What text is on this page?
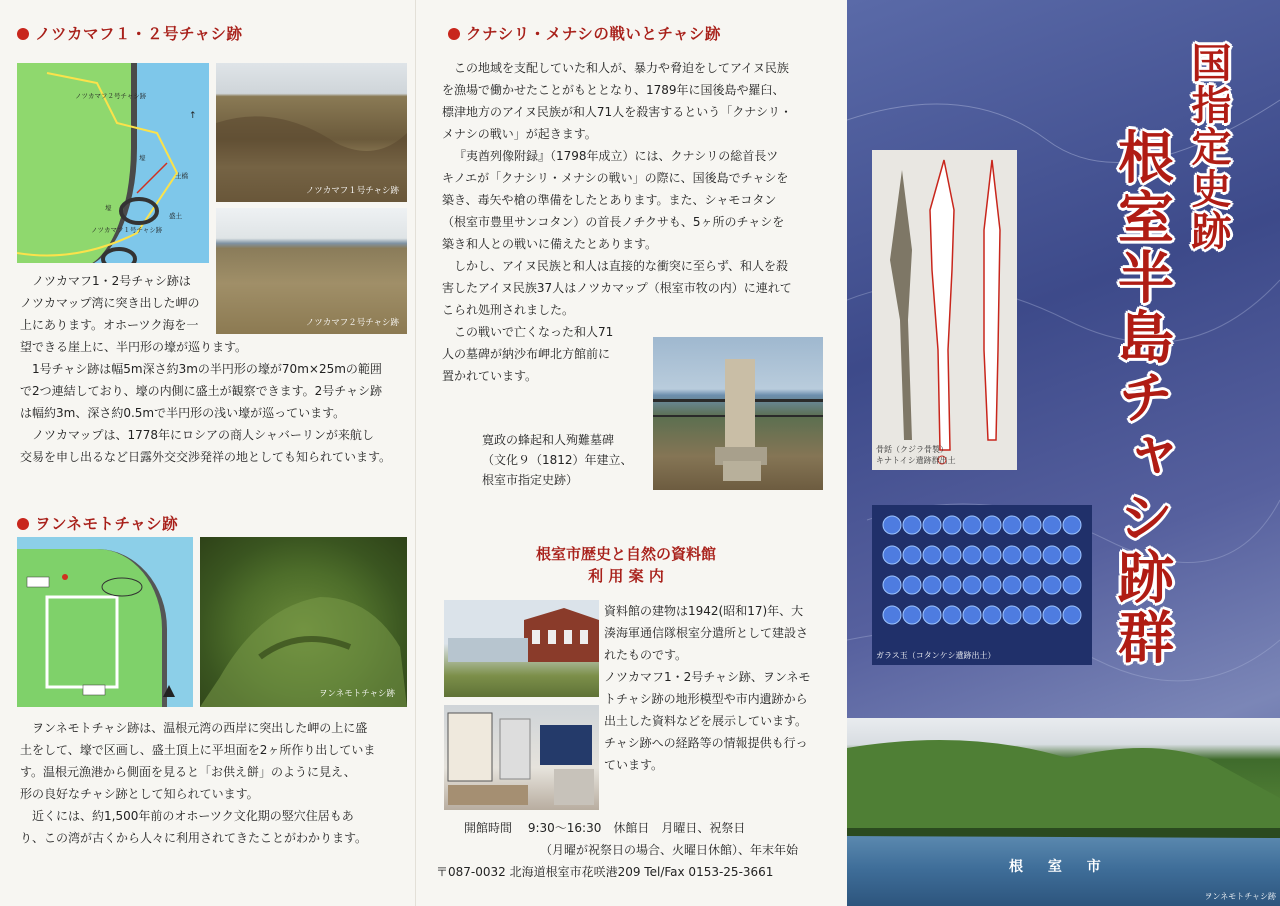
ノツカマフ１・２号チャシ跡
ノツカマフ２号チャシ跡
ノツカマフ１号チャシ跡
壕
土橋
盛土
壕
↑
ノツカマフ１号チャシ跡
ノツカマフ２号チャシ跡
ノツカマフ1・2号チャシ跡は
ノツカマップ湾に突き出した岬の
上にあります。オホーツク海を一
望できる崖上に、半円形の壕が巡ります。
1号チャシ跡は幅5m深さ約3mの半円形の壕が70m×25mの範囲
で2つ連結しており、壕の内側に盛土が観察できます。2号チャシ跡
は幅約3m、深さ約0.5mで半円形の浅い壕が巡っています。
ノツカマップは、1778年にロシアの商人シャバーリンが来航し
交易を申し出るなど日露外交交渉発祥の地としても知られています。
ヲンネモトチャシ跡
ヲンネモトチャシ跡
ヲンネモトチャシ跡は、温根元湾の西岸に突出した岬の上に盛
土をして、壕で区画し、盛土頂上に平坦面を2ヶ所作り出していま
す。温根元漁港から側面を見ると「お供え餅」のように見え、
形の良好なチャシ跡として知られています。
近くには、約1,500年前のオホーツク文化期の竪穴住居もあ
り、この湾が古くから人々に利用されてきたことがわかります。
クナシリ・メナシの戦いとチャシ跡
この地域を支配していた和人が、暴力や脅迫をしてアイヌ民族
を漁場で働かせたことがもととなり、1789年に国後島や羅臼、
標津地方のアイヌ民族が和人71人を殺害するという「クナシリ・
メナシの戦い」が起きます。
『夷酋列像附録』（1798年成立）には、クナシリの総首長ツ
キノエが「クナシリ・メナシの戦い」の際に、国後島でチャシを
築き、毒矢や槍の準備をしたとあります。また、シャモコタン
（根室市豊里サンコタン）の首長ノチクサも、5ヶ所のチャシを
築き和人との戦いに備えたとあります。
しかし、アイヌ民族と和人は直接的な衝突に至らず、和人を殺
害したアイヌ民族37人はノツカマップ（根室市牧の内）に連れて
こられ処刑されました。
この戦いで亡くなった和人71
人の墓碑が納沙布岬北方館前に
置かれています。
寛政の蜂起和人殉難墓碑
（文化９（1812）年建立、
根室市指定史跡）
根室市歴史と自然の資料館
利 用 案 内
資料館の建物は1942(昭和17)年、大
湊海軍通信隊根室分遣所として建設さ
れたものです。
ノツカマフ1・2号チャシ跡、ヲンネモ
トチャシ跡の地形模型や市内遺跡から
出土した資料などを展示しています。
チャシ跡への経路等の情報提供も行っ
ています。
開館時間　 9:30～16:30　休館日　月曜日、祝祭日
（月曜が祝祭日の場合、火曜日休館）、年末年始
〒087-0032 北海道根室市花咲港209 Tel/Fax 0153-25-3661
国指定史跡
根室半島チャシ跡群
骨銛（クジラ骨製）
キナトイシ遺跡群出土
ガラス玉（コタンケシ遺跡出土）
根 室 市
ヲンネモトチャシ跡
